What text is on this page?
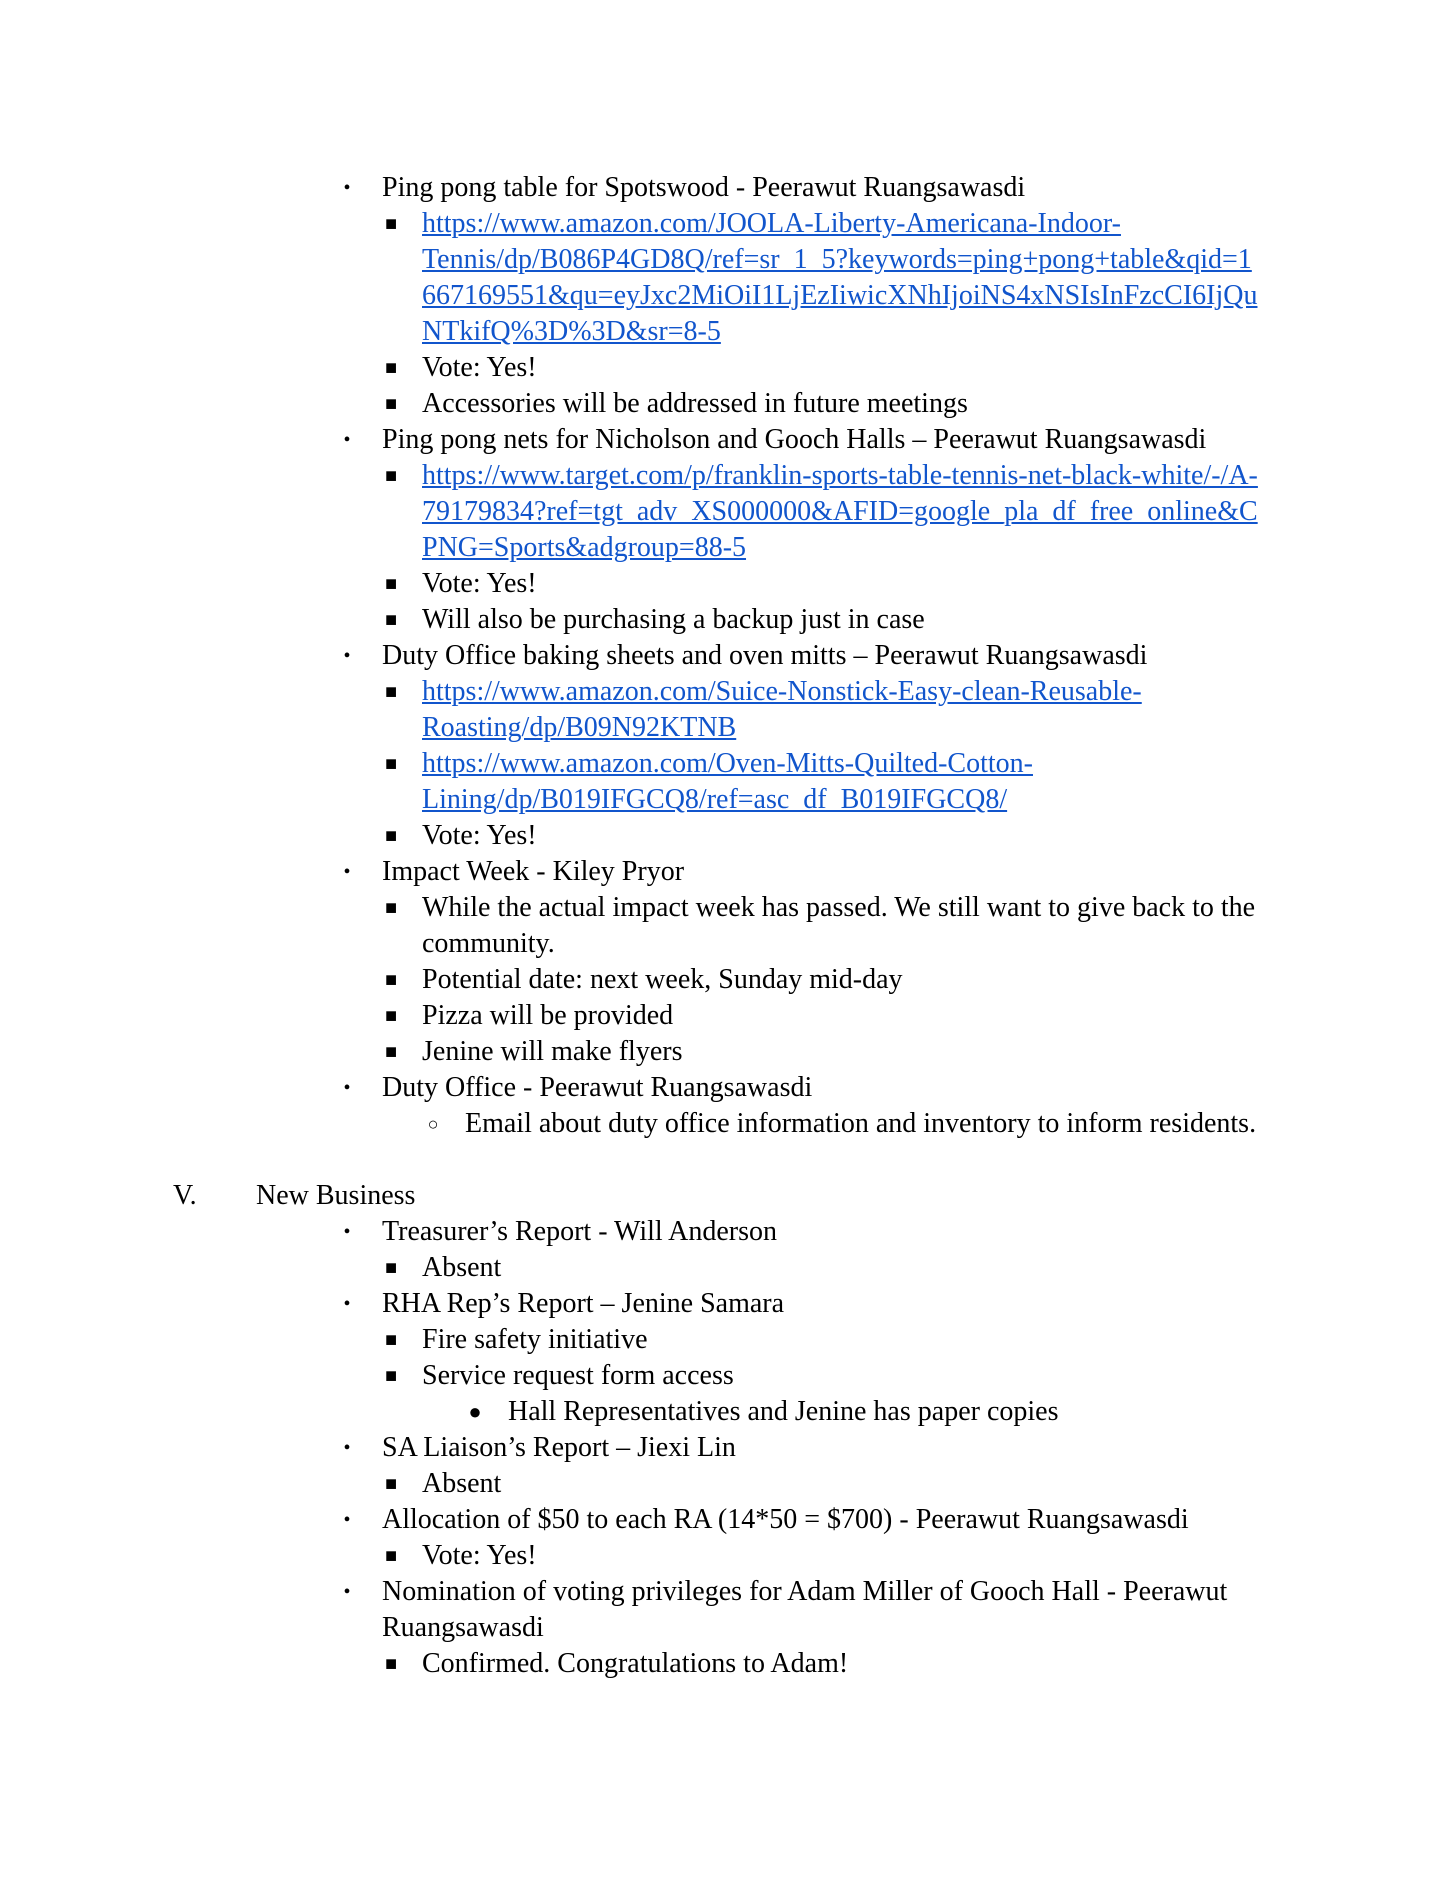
•	Ping pong table for Spotswood - Peerawut Ruangsawasdi
■ https://www.amazon.com/JOOLA-Liberty-Americana-Indoor-
Tennis/dp/B086P4GD8Q/ref=sr_1_5?keywords=ping+pong+table&qid=1
667169551&qu=eyJxc2MiOiI1LjEzIiwicXNhIjoiNS4xNSIsInFzcCI6IjQu
NTkifQ%3D%3D&sr=8-5
■ Vote: Yes!
■ Accessories will be addressed in future meetings
•	Ping pong nets for Nicholson and Gooch Halls – Peerawut Ruangsawasdi
■ https://www.target.com/p/franklin-sports-table-tennis-net-black-white/-/A-
79179834?ref=tgt_adv_XS000000&AFID=google_pla_df_free_online&C
PNG=Sports&adgroup=88-5
■ Vote: Yes!
■ Will also be purchasing a backup just in case
•	Duty Office baking sheets and oven mitts – Peerawut Ruangsawasdi
■ https://www.amazon.com/Suice-Nonstick-Easy-clean-Reusable-
Roasting/dp/B09N92KTNB
■ https://www.amazon.com/Oven-Mitts-Quilted-Cotton-
Lining/dp/B019IFGCQ8/ref=asc_df_B019IFGCQ8/
■ Vote: Yes!
•	Impact Week - Kiley Pryor
■ While the actual impact week has passed. We still want to give back to the
community.
■ Potential date: next week, Sunday mid-day
■ Pizza will be provided
■ Jenine will make flyers
•	Duty Office - Peerawut Ruangsawasdi
○ Email about duty office information and inventory to inform residents.
V. New Business
•	Treasurer’s Report - Will Anderson
■ Absent
•	RHA Rep’s Report – Jenine Samara
■ Fire safety initiative
■ Service request form access
● Hall Representatives and Jenine has paper copies
•	SA Liaison’s Report – Jiexi Lin
■ Absent
•	Allocation of $50 to each RA (14*50 = $700) - Peerawut Ruangsawasdi
■ Vote: Yes!
•	Nomination of voting privileges for Adam Miller of Gooch Hall - Peerawut
Ruangsawasdi
■ Confirmed. Congratulations to Adam!
